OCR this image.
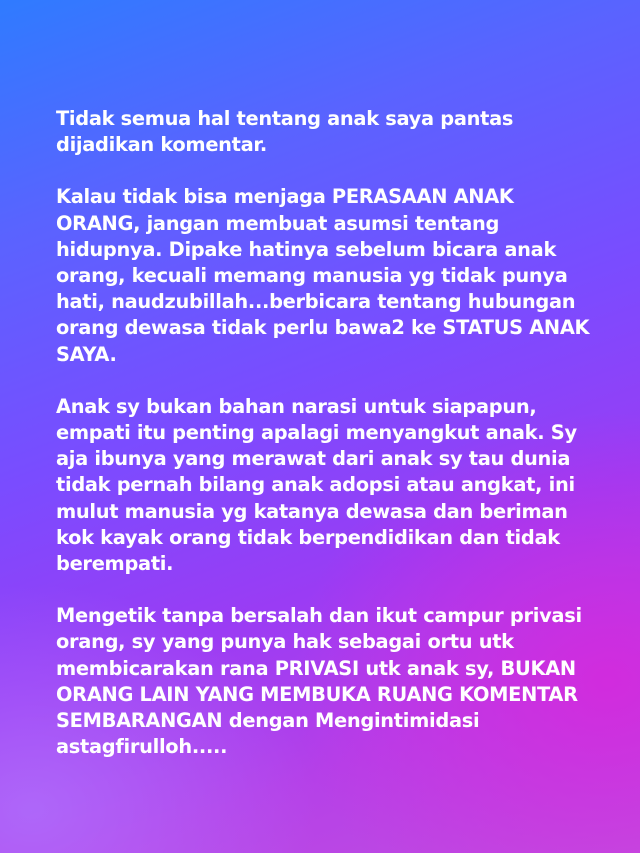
Tidak semua hal tentang anak saya pantas
dijadikan komentar.

Kalau tidak bisa menjaga PERASAAN ANAK
ORANG, jangan membuat asumsi tentang
hidupnya. Dipake hatinya sebelum bicara anak
orang, kecuali memang manusia yg tidak punya
hati, naudzubillah...berbicara tentang hubungan
orang dewasa tidak perlu bawa2 ke STATUS ANAK
SAYA.

Anak sy bukan bahan narasi untuk siapapun,
empati itu penting apalagi menyangkut anak. Sy
aja ibunya yang merawat dari anak sy tau dunia
tidak pernah bilang anak adopsi atau angkat, ini
mulut manusia yg katanya dewasa dan beriman
kok kayak orang tidak berpendidikan dan tidak
berempati.

Mengetik tanpa bersalah dan ikut campur privasi
orang, sy yang punya hak sebagai ortu utk
membicarakan rana PRIVASI utk anak sy, BUKAN
ORANG LAIN YANG MEMBUKA RUANG KOMENTAR
SEMBARANGAN dengan Mengintimidasi
astagfirulloh.....
